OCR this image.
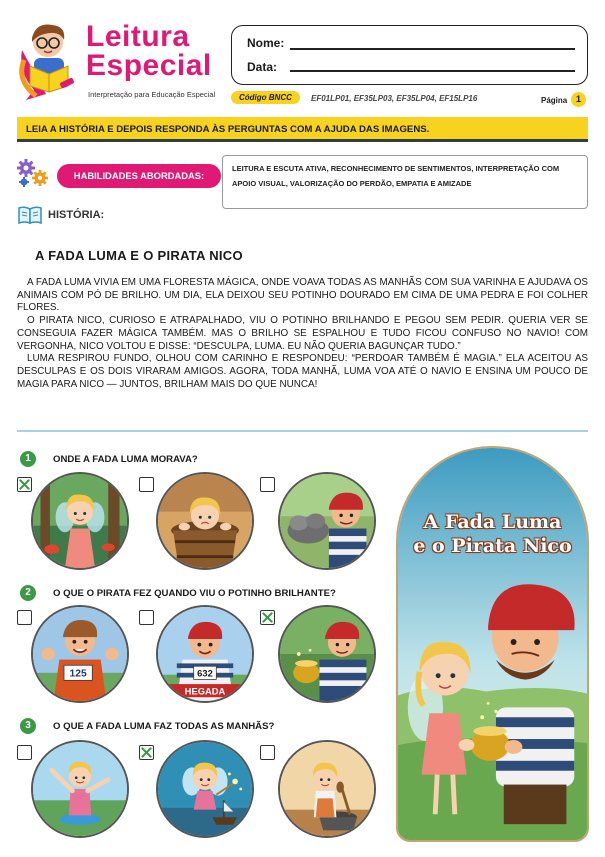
Leitura
Especial
Interpretação para Educação Especial
Nome:
Data:
Código BNCC	EF01LP01, EF35LP03, EF35LP04, EF15LP16	Página 1
LEIA A HISTÓRIA E DEPOIS RESPONDA ÀS PERGUNTAS COM A AJUDA DAS IMAGENS.
HABILIDADES ABORDADAS:
LEITURA E ESCUTA ATIVA, RECONHECIMENTO DE SENTIMENTOS, INTERPRETAÇÃO COM APOIO VISUAL, VALORIZAÇÃO DO PERDÃO, EMPATIA E AMIZADE
HISTÓRIA:
A FADA LUMA E O PIRATA NICO

A FADA LUMA VIVIA EM UMA FLORESTA MÁGICA, ONDE VOAVA TODAS AS MANHÃS COM SUA VARINHA E AJUDAVA OS ANIMAIS COM PÓ DE BRILHO. UM DIA, ELA DEIXOU SEU POTINHO DOURADO EM CIMA DE UMA PEDRA E FOI COLHER FLORES.

O PIRATA NICO, CURIOSO E ATRAPALHADO, VIU O POTINHO BRILHANDO E PEGOU SEM PEDIR. QUERIA VER SE CONSEGUIA FAZER MÁGICA TAMBÉM. MAS O BRILHO SE ESPALHOU E TUDO FICOU CONFUSO NO NAVIO! COM VERGONHA, NICO VOLTOU E DISSE: “DESCULPA, LUMA. EU NÃO QUERIA BAGUNÇAR TUDO.”

LUMA RESPIROU FUNDO, OLHOU COM CARINHO E RESPONDEU: “PERDOAR TAMBÉM É MAGIA.” ELA ACEITOU AS DESCULPAS E OS DOIS VIRARAM AMIGOS. AGORA, TODA MANHÃ, LUMA VOA ATÉ O NAVIO E ENSINA UM POUCO DE MAGIA PARA NICO — JUNTOS, BRILHAM MAIS DO QUE NUNCA!

1	ONDE A FADA LUMA MORAVA?
2	O QUE O PIRATA FEZ QUANDO VIU O POTINHO BRILHANTE?
125	632
HEGADA
3	O QUE A FADA LUMA FAZ TODAS AS MANHÃS?
A Fada Luma
e o Pirata Nico
